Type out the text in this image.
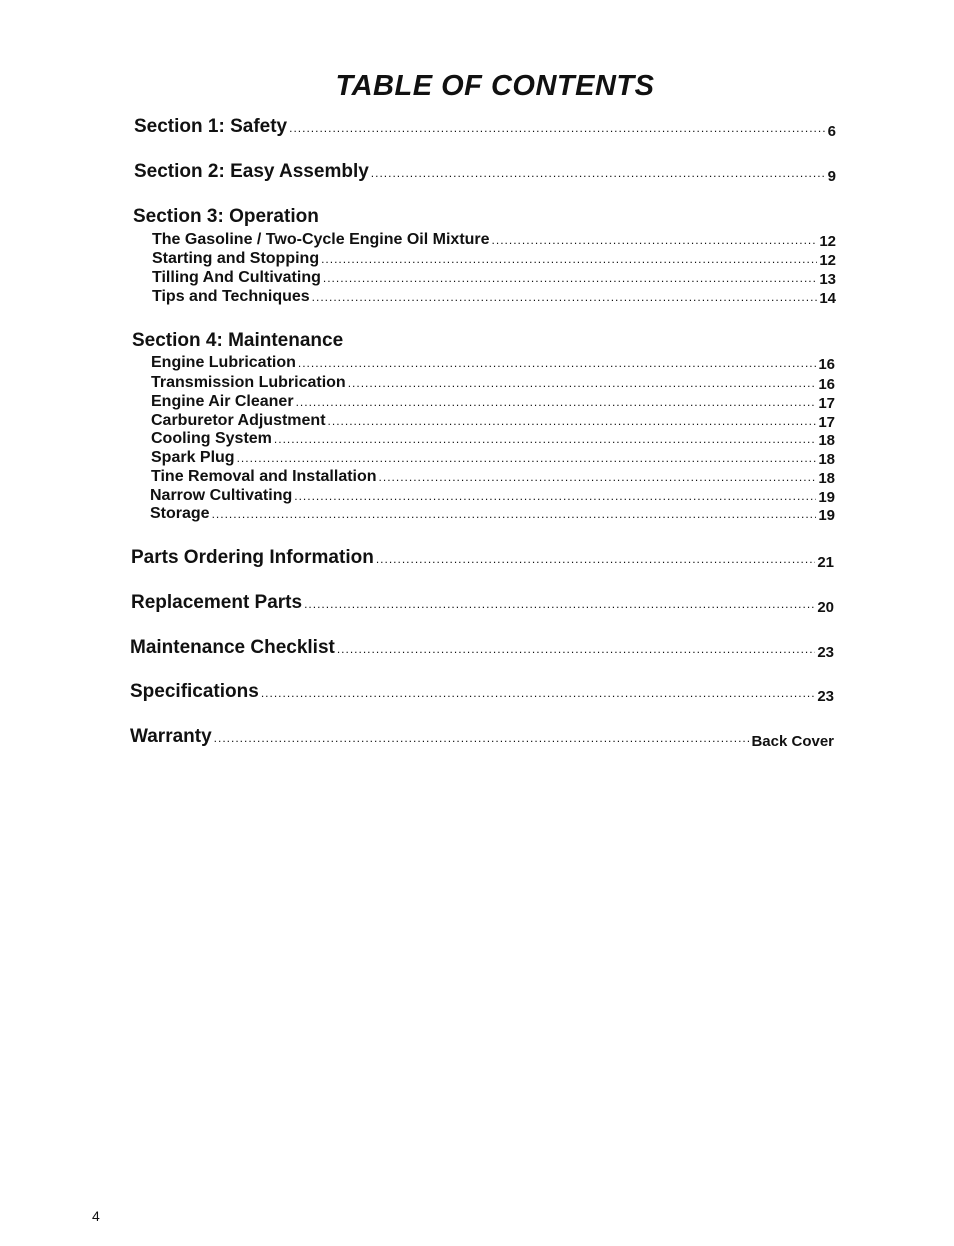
TABLE OF CONTENTS
Section 1: Safety .....	6
Section 2: Easy Assembly .....	9
Section 3: Operation
The Gasoline / Two-Cycle Engine Oil Mixture .....	12
Starting and Stopping .....	12
Tilling And Cultivating .....	13
Tips and Techniques .....	14
Section 4: Maintenance
Engine Lubrication .....	16
Transmission Lubrication .....	16
Engine Air Cleaner .....	17
Carburetor Adjustment .....	17
Cooling System .....	18
Spark Plug .....	18
Tine Removal and Installation .....	18
Narrow Cultivating .....	19
Storage .....	19
Parts Ordering Information .....	21
Replacement Parts .....	20
Maintenance Checklist .....	23
Specifications .....	23
Warranty .....	Back Cover
4
